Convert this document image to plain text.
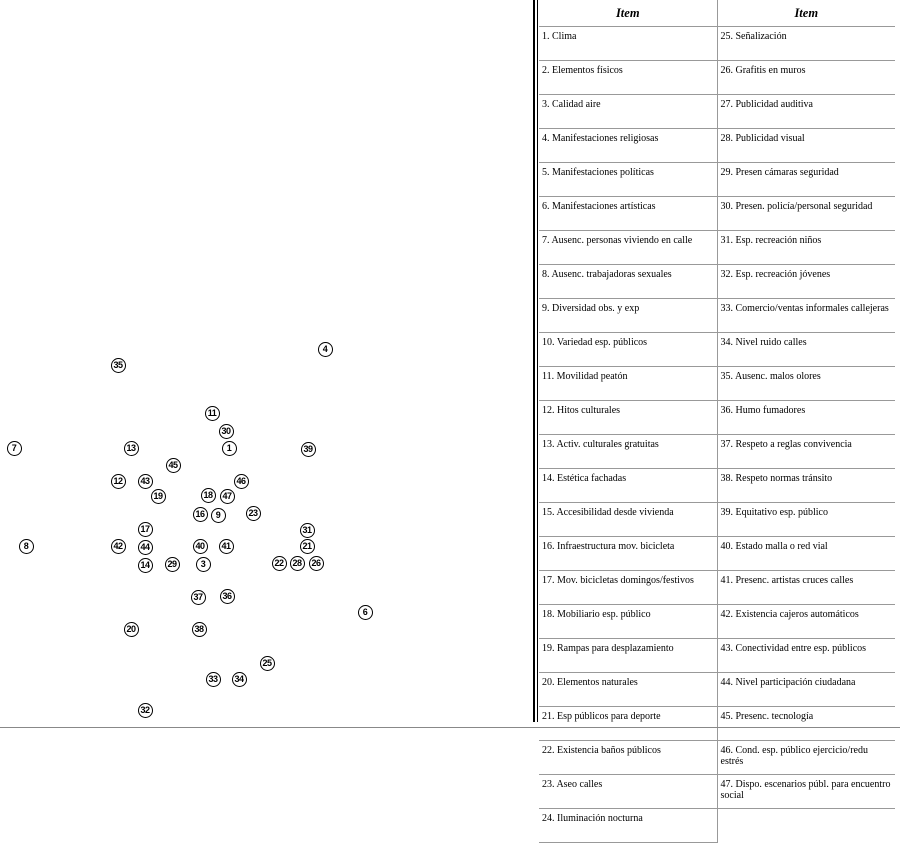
1
3
4
6
7
8
9
11
12
13
14
16
17
18
19
20
21
22
23
25
26
28
29
30
31
32
33	34
35
36
37
38
39
40	41
42
43
44
45
46
47
Item	Item
1. Clima	25. Señalización
2. Elementos físicos	26. Grafitis en muros
3. Calidad aire	27. Publicidad auditiva
4. Manifestaciones religiosas	28. Publicidad visual
5. Manifestaciones políticas	29. Presen cámaras seguridad
6. Manifestaciones artísticas	30. Presen. policía/personal seguridad
7. Ausenc. personas viviendo en calle	31. Esp. recreación niños
8. Ausenc. trabajadoras sexuales	32. Esp. recreación jóvenes
9. Diversidad obs. y exp	33. Comercio/ventas informales callejeras
10. Variedad esp. públicos	34. Nivel ruido calles
11. Movilidad peatón	35. Ausenc. malos olores
12. Hitos culturales	36. Humo fumadores
13. Activ. culturales gratuitas	37. Respeto a reglas convivencia
14. Estética fachadas	38. Respeto normas tránsito
15. Accesibilidad desde vivienda	39. Equitativo esp. público
16. Infraestructura mov. bicicleta	40. Estado malla o red vial
17. Mov. bicicletas domingos/festivos	41. Presenc. artistas cruces calles
18. Mobiliario esp. público	42. Existencia cajeros automáticos
19. Rampas para desplazamiento	43. Conectividad entre esp. públicos
20. Elementos naturales	44. Nivel participación ciudadana
21. Esp públicos para deporte	45. Presenc. tecnología
22. Existencia baños públicos	46. Cond. esp. público ejercicio/redu estrés
23. Aseo calles	47. Dispo. escenarios públ. para encuentro social
24. Iluminación nocturna	
